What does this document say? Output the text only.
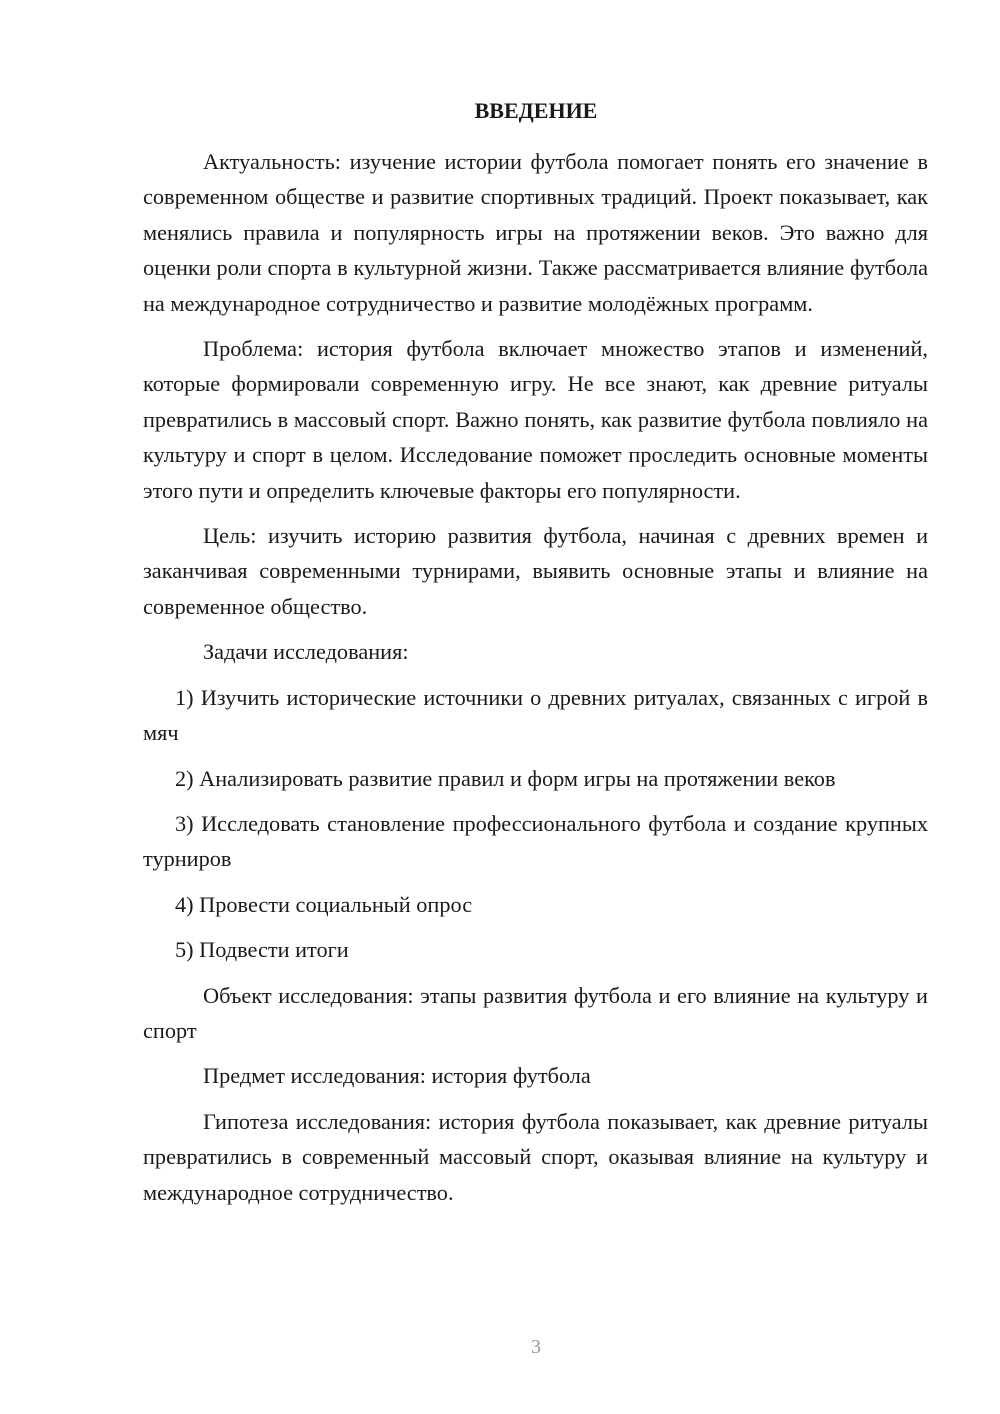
ВВЕДЕНИЕ

Актуальность: изучение истории футбола помогает понять его значение в современном обществе и развитие спортивных традиций. Проект показывает, как менялись правила и популярность игры на протяжении веков. Это важно для оценки роли спорта в культурной жизни. Также рассматривается влияние футбола на международное сотрудничество и развитие молодёжных программ.

Проблема: история футбола включает множество этапов и изменений, которые формировали современную игру. Не все знают, как древние ритуалы превратились в массовый спорт. Важно понять, как развитие футбола повлияло на культуру и спорт в целом. Исследование поможет проследить основные моменты этого пути и определить ключевые факторы его популярности.

Цель: изучить историю развития футбола, начиная с древних времен и заканчивая современными турнирами, выявить основные этапы и влияние на современное общество.

Задачи исследования:

1) Изучить исторические источники о древних ритуалах, связанных с игрой в мяч

2) Анализировать развитие правил и форм игры на протяжении веков

3) Исследовать становление профессионального футбола и создание крупных турниров

4) Провести социальный опрос

5) Подвести итоги

Объект исследования: этапы развития футбола и его влияние на культуру и спорт

Предмет исследования: история футбола

Гипотеза исследования: история футбола показывает, как древние ритуалы превратились в современный массовый спорт, оказывая влияние на культуру и международное сотрудничество.

3
